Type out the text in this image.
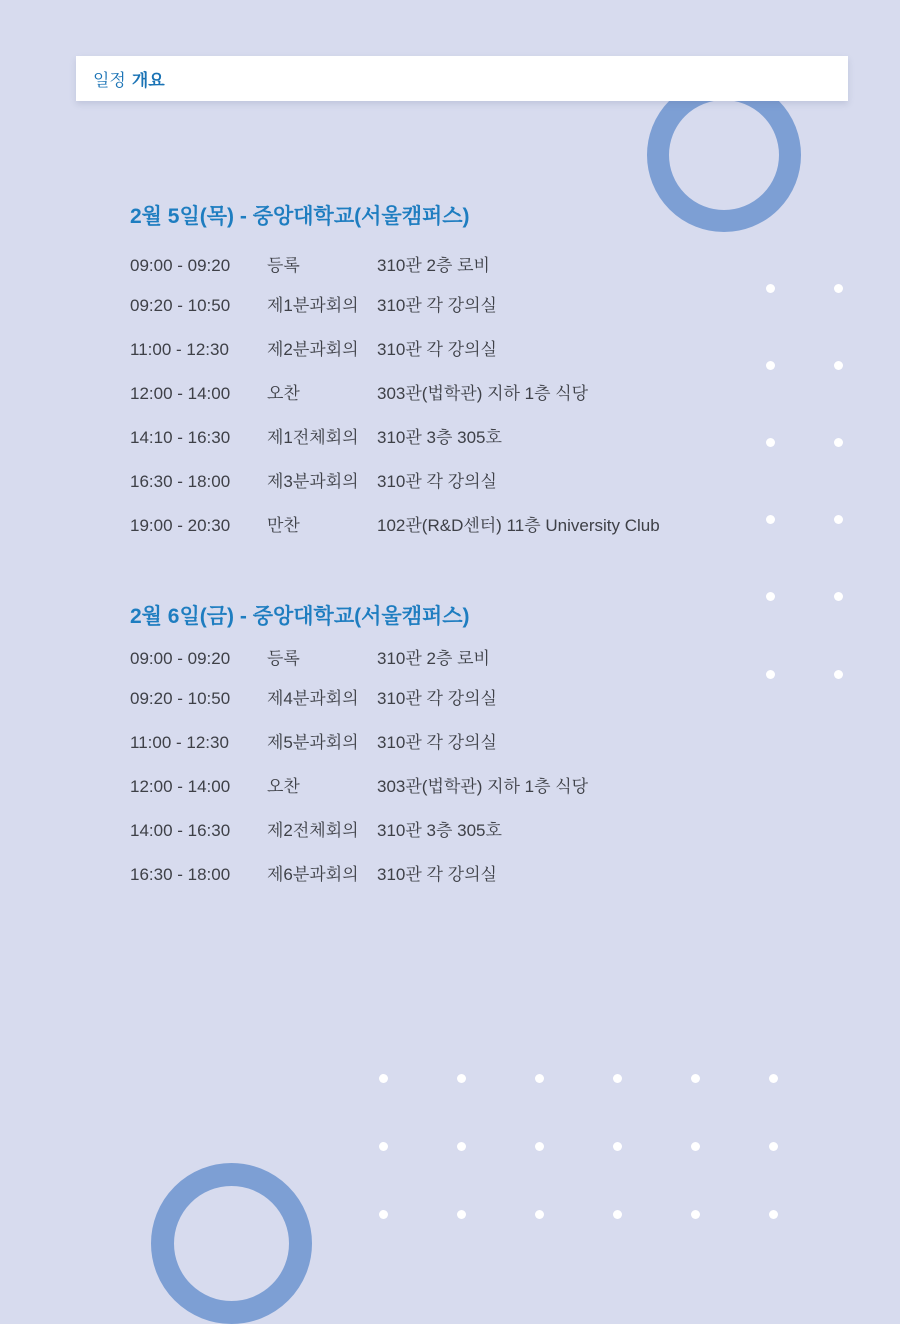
일정 개요
2월 5일(목) - 중앙대학교(서울캠퍼스)
09:00 - 09:20	등록	310관 2층 로비
09:20 - 10:50	제1분과회의	310관 각 강의실
11:00 - 12:30	제2분과회의	310관 각 강의실
12:00 - 14:00	오찬	303관(법학관) 지하 1층 식당
14:10 - 16:30	제1전체회의	310관 3층 305호
16:30 - 18:00	제3분과회의	310관 각 강의실
19:00 - 20:30	만찬	102관(R&D센터) 11층 University Club
2월 6일(금) - 중앙대학교(서울캠퍼스)
09:00 - 09:20	등록	310관 2층 로비
09:20 - 10:50	제4분과회의	310관 각 강의실
11:00 - 12:30	제5분과회의	310관 각 강의실
12:00 - 14:00	오찬	303관(법학관) 지하 1층 식당
14:00 - 16:30	제2전체회의	310관 3층 305호
16:30 - 18:00	제6분과회의	310관 각 강의실
